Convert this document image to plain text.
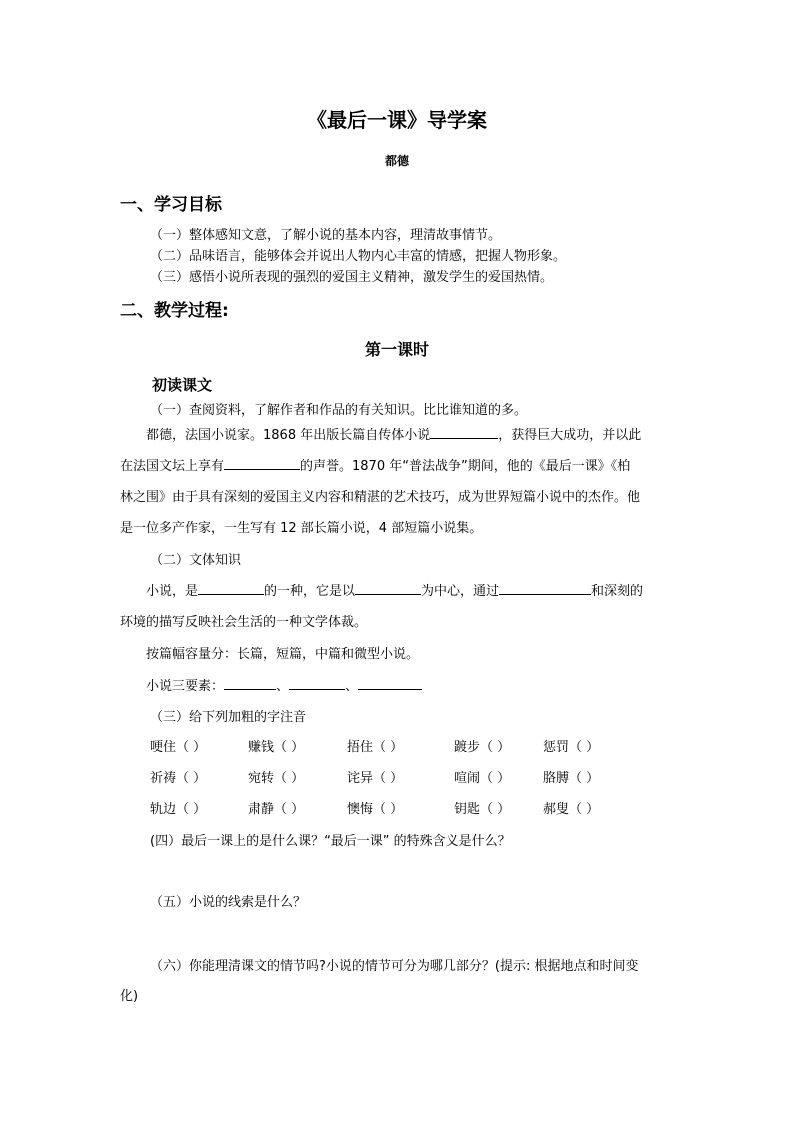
《最后一课》导学案
都德
一、学习目标
（一）整体感知文意，了解小说的基本内容，理清故事情节。
（二）品味语言，能够体会并说出人物内心丰富的情感，把握人物形象。
（三）感悟小说所表现的强烈的爱国主义精神，激发学生的爱国热情。
二、教学过程:
第一课时
初读课文
（一）查阅资料，了解作者和作品的有关知识。比比谁知道的多。
都德，法国小说家。1868 年出版长篇自传体小说	，获得巨大成功，并以此
在法国文坛上享有	的声誉。1870 年“普法战争”期间，他的《最后一课》《柏
林之围》由于具有深刻的爱国主义内容和精湛的艺术技巧，成为世界短篇小说中的杰作。他
是一位多产作家，一生写有 12 部长篇小说，4 部短篇小说集。
（二）文体知识
小说，是	的一种，它是以	为中心，通过	和深刻的
环境的描写反映社会生活的一种文学体裁。
按篇幅容量分：长篇，短篇，中篇和微型小说。
小说三要素：	、	、
（三）给下列加粗的字注音
哽住（ ）	赚钱（ ）	捂住（ ）	踱步（ ）	惩罚（ ）
祈祷（ ）	宛转（ ）	诧异（ ）	喧闹（ ）	胳膊（ ）
轨边（ ）	肃静（ ）	懊悔（ ）	钥匙（ ）	郝叟（ ）
(四）最后一课上的是什么课？“最后一课” 的特殊含义是什么？
（五）小说的线索是什么？
（六）你能理清课文的情节吗?小说的情节可分为哪几部分？(提示: 根据地点和时间变
化)
